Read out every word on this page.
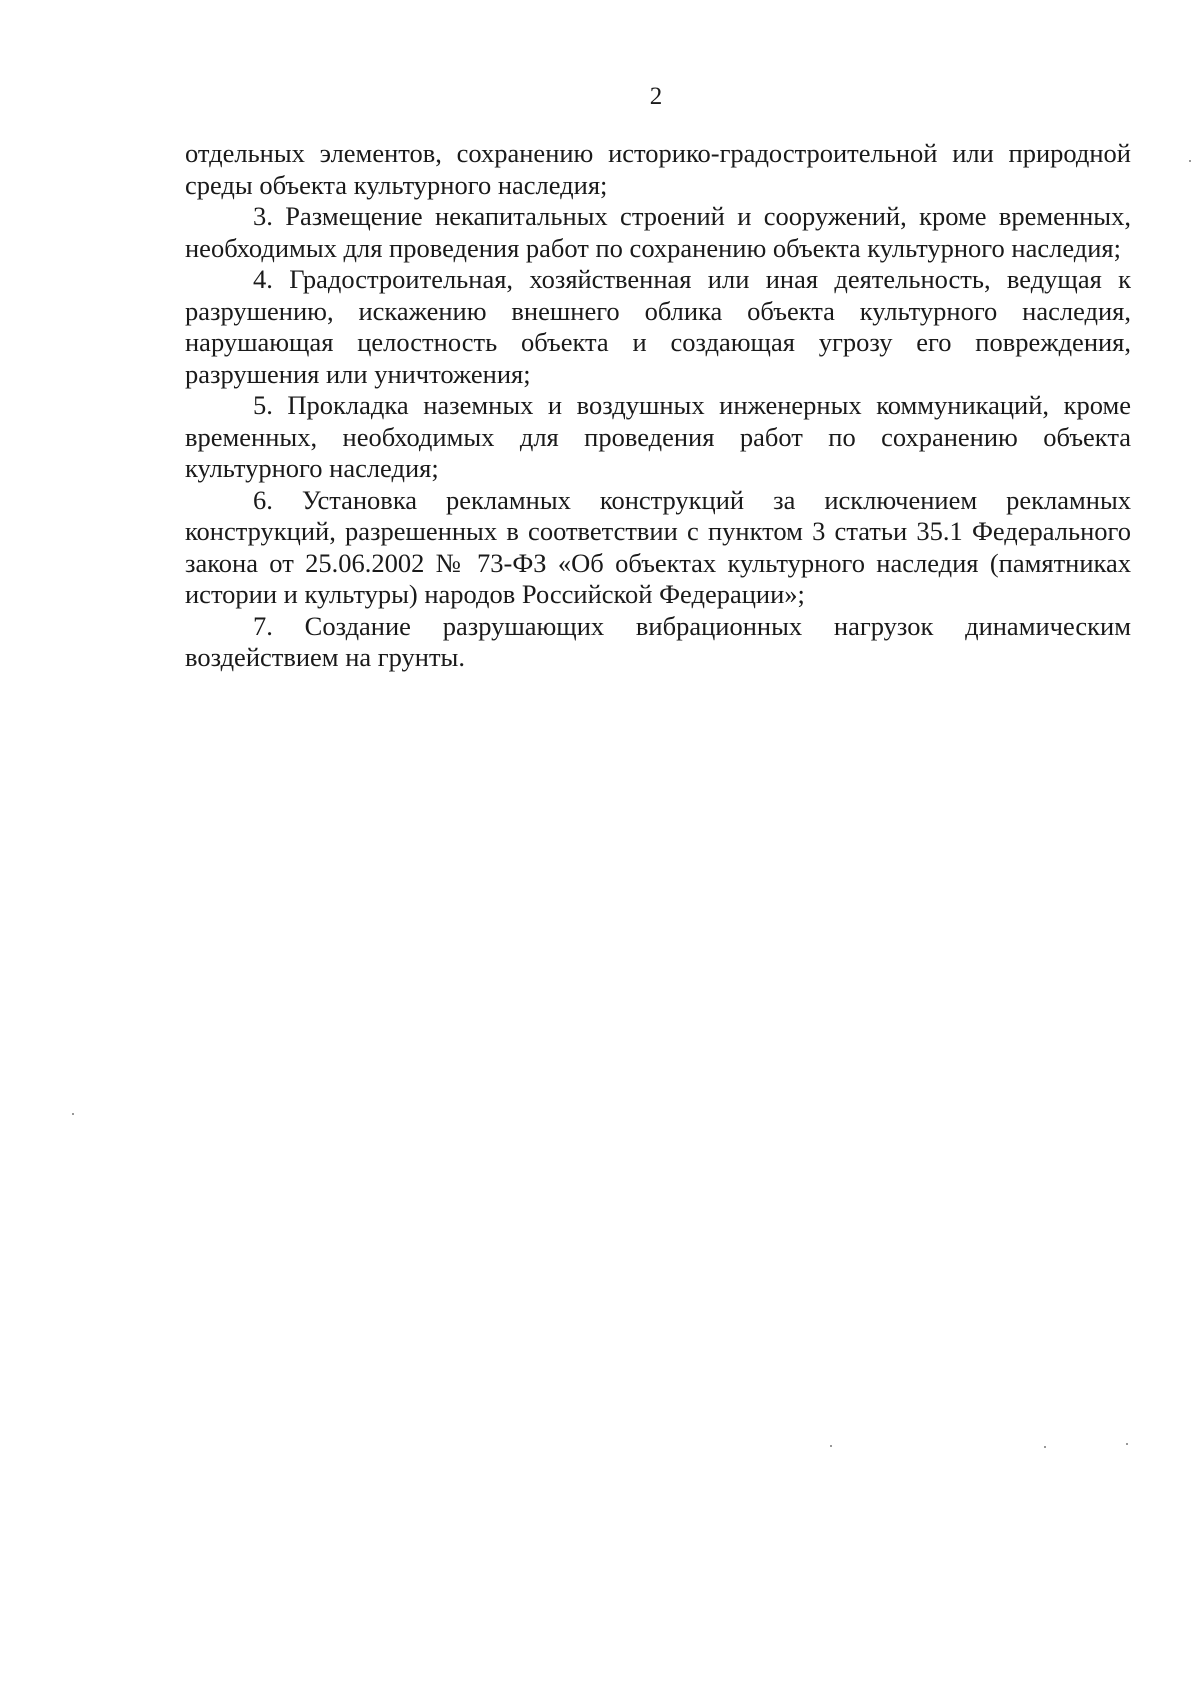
2

отдельных элементов, сохранению историко-градостроительной или природной среды объекта культурного наследия;

3. Размещение некапитальных строений и сооружений, кроме временных, необходимых для проведения работ по сохранению объекта культурного наследия;

4. Градостроительная, хозяйственная или иная деятельность, ведущая к разрушению, искажению внешнего облика объекта культурного наследия, нарушающая целостность объекта и создающая угрозу его повреждения, разрушения или уничтожения;

5. Прокладка наземных и воздушных инженерных коммуникаций, кроме временных, необходимых для проведения работ по сохранению объекта культурного наследия;

6. Установка рекламных конструкций за исключением рекламных конструкций, разрешенных в соответствии с пунктом 3 статьи 35.1 Федерального закона от 25.06.2002 № 73-ФЗ «Об объектах культурного наследия (памятниках истории и культуры) народов Российской Федерации»;

7. Создание разрушающих вибрационных нагрузок динамическим воздействием на грунты.
